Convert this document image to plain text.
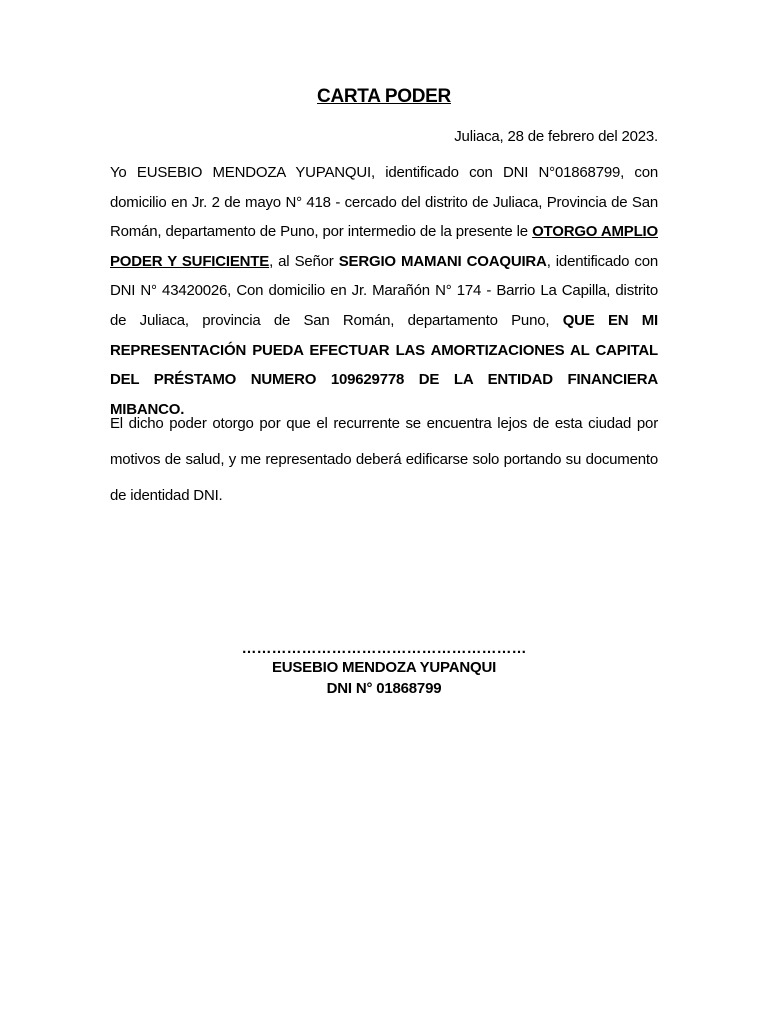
CARTA PODER
Juliaca, 28 de febrero del 2023.

Yo EUSEBIO MENDOZA YUPANQUI, identificado con DNI N°01868799, con domicilio en Jr. 2 de mayo N° 418 - cercado del distrito de Juliaca, Provincia de San Román, departamento de Puno, por intermedio de la presente le OTORGO AMPLIO PODER Y SUFICIENTE, al Señor SERGIO MAMANI COAQUIRA, identificado con DNI N° 43420026, Con domicilio en Jr. Marañón N° 174 - Barrio La Capilla, distrito de Juliaca, provincia de San Román, departamento Puno, QUE EN MI REPRESENTACIÓN PUEDA EFECTUAR LAS AMORTIZACIONES AL CAPITAL DEL PRÉSTAMO NUMERO 109629778 DE LA ENTIDAD FINANCIERA MIBANCO.

El dicho poder otorgo por que el recurrente se encuentra lejos de esta ciudad por motivos de salud, y me representado deberá edificarse solo portando su documento de identidad DNI.

…………………………………………………
EUSEBIO MENDOZA YUPANQUI
DNI N° 01868799
